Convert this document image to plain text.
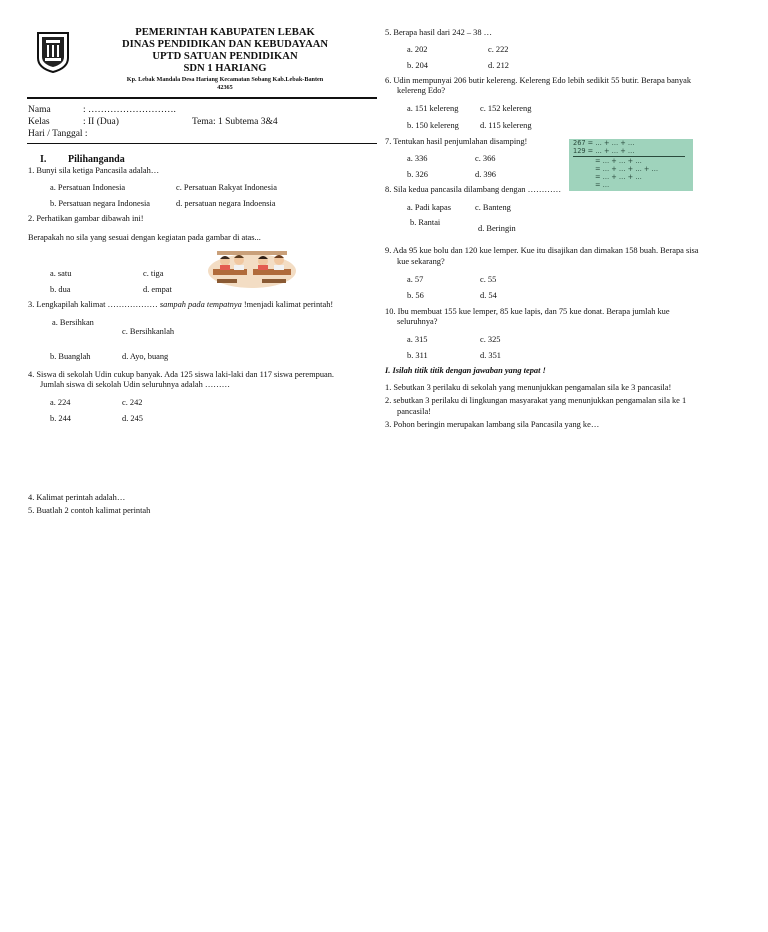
PEMERINTAH KABUPATEN LEBAK
DINAS PENDIDIKAN DAN KEBUDAYAAN
UPTD SATUAN PENDIDIKAN
SDN 1 HARIANG
Kp. Lebak Mandala Desa Hariang Kecamatan Sobang Kab.Lebak-Banten
42365
Nama	: ……………………….
Kelas	: II (Dua)	Tema: 1 Subtema 3&4
Hari / Tanggal :
I. Pilihanganda
1. Bunyi sila ketiga Pancasila adalah…
a. Persatuan Indonesia	c. Persatuan Rakyat Indonesia
b. Persatuan negara Indonesia	d. persatuan negara Indoensia
2. Perhatikan gambar dibawah ini!
Berapakah no sila yang sesuai dengan kegiatan pada gambar di atas...
a. satu	c. tiga
b. dua	d. empat
3. Lengkapilah kalimat ……………… sampah pada tempatnya !menjadi kalimat perintah!
a. Bersihkan
c. Bersihkanlah
b. Buanglah	d. Ayo, buang
4. Siswa di sekolah Udin cukup banyak. Ada 125 siswa laki-laki dan 117 siswa perempuan.
Jumlah siswa di sekolah Udin seluruhnya adalah ………
a. 224	c. 242
b. 244	d. 245
4. Kalimat perintah adalah…
5. Buatlah 2 contoh kalimat perintah
5. Berapa hasil dari 242 – 38 …
a. 202	c. 222
b. 204	d. 212
6. Udin mempunyai 206 butir kelereng. Kelereng Edo lebih sedikit 55 butir. Berapa banyak
kelereng Edo?
a. 151 kelereng	c. 152 kelereng
b. 150 kelereng	d. 115 kelereng
7. Tentukan hasil penjumlahan disamping!	267 = … + … + …
129 = … + … + …
= … + … + …
= … + … + … + …
= … + … + …
= …
a. 336	c. 366
b. 326	d. 396
8. Sila kedua pancasila dilambang dengan …………
a. Padi kapas	c. Banteng
b. Rantai
d. Beringin
9. Ada 95 kue bolu dan 120 kue lemper. Kue itu disajikan dan dimakan 158 buah. Berapa sisa
kue sekarang?
a. 57	c. 55
b. 56	d. 54
10. Ibu membuat 155 kue lemper, 85 kue lapis, dan 75 kue donat. Berapa jumlah kue
seluruhnya?
a. 315	c. 325
b. 311	d. 351
I. Isilah titik titik dengan jawaban yang tepat !
1. Sebutkan 3 perilaku di sekolah yang menunjukkan pengamalan sila ke 3 pancasila!
2. sebutkan 3 perilaku di lingkungan masyarakat yang menunjukkan pengamalan sila ke 1
pancasila!
3. Pohon beringin merupakan lambang sila Pancasila yang ke…
